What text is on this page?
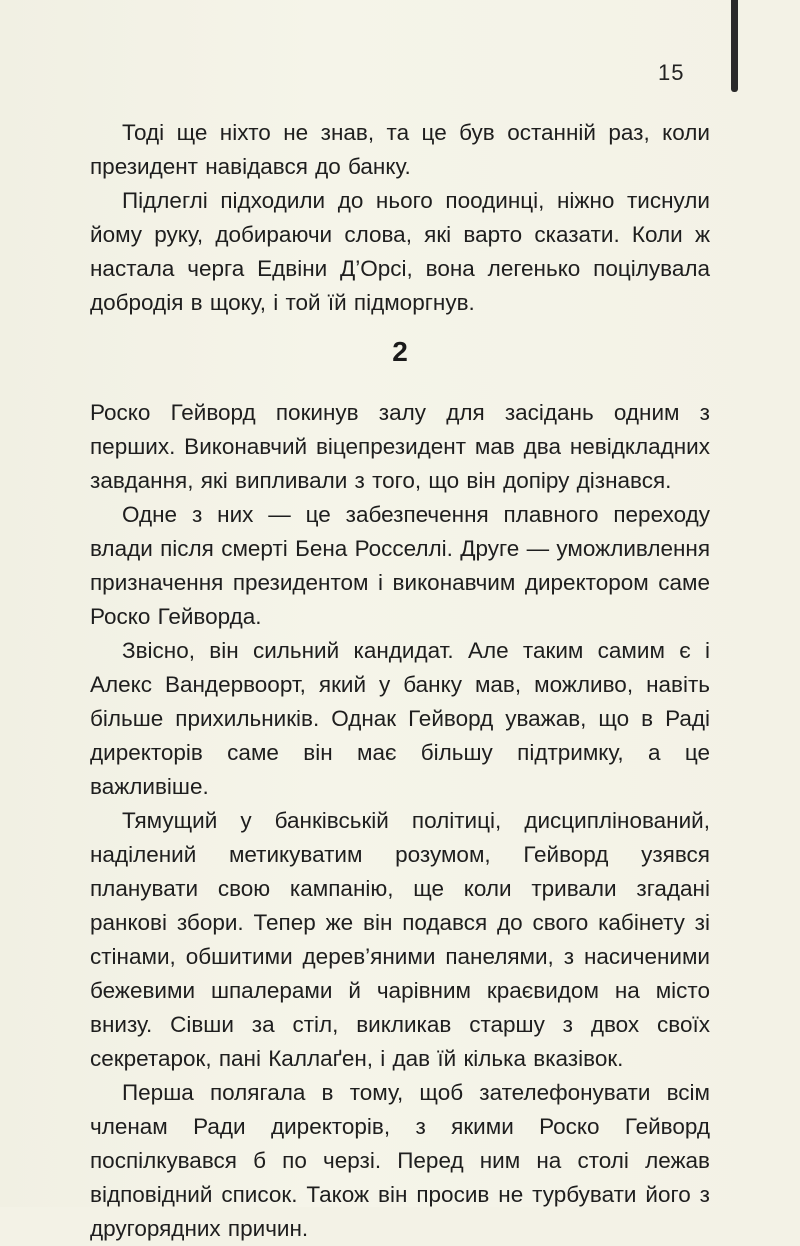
15

Тоді ще ніхто не знав, та це був останній раз, коли президент навідався до банку.

Підлеглі підходили до нього поодинці, ніжно тиснули йому руку, добираючи слова, які варто сказати. Коли ж настала черга Едвіни Д’Орсі, вона легенько поцілувала добродія в щоку, і той їй підморгнув.

2

Роско Гейворд покинув залу для засідань одним з перших. Виконавчий віцепрезидент мав два невідкладних завдання, які випливали з того, що він допіру дізнався.

Одне з них — це забезпечення плавного переходу влади після смерті Бена Росселлі. Друге — уможливлення призначення президентом і виконавчим директором саме Роско Гейворда.

Звісно, він сильний кандидат. Але таким самим є і Алекс Вандервоорт, який у банку мав, можливо, навіть більше прихильників. Однак Гейворд уважав, що в Раді директорів саме він має більшу підтримку, а це важливіше.

Тямущий у банківській політиці, дисциплінований, наділений метикуватим розумом, Гейворд узявся планувати свою кампанію, ще коли тривали згадані ранкові збори. Тепер же він подався до свого кабінету зі стінами, обшитими дерев’яними панелями, з насиченими бежевими шпалерами й чарівним краєвидом на місто внизу. Сівши за стіл, викликав старшу з двох своїх секретарок, пані Каллаґен, і дав їй кілька вказівок.

Перша полягала в тому, щоб зателефонувати всім членам Ради директорів, з якими Роско Гейворд поспілкувався б по черзі. Перед ним на столі лежав відповідний список. Також він просив не турбувати його з другорядних причин.
